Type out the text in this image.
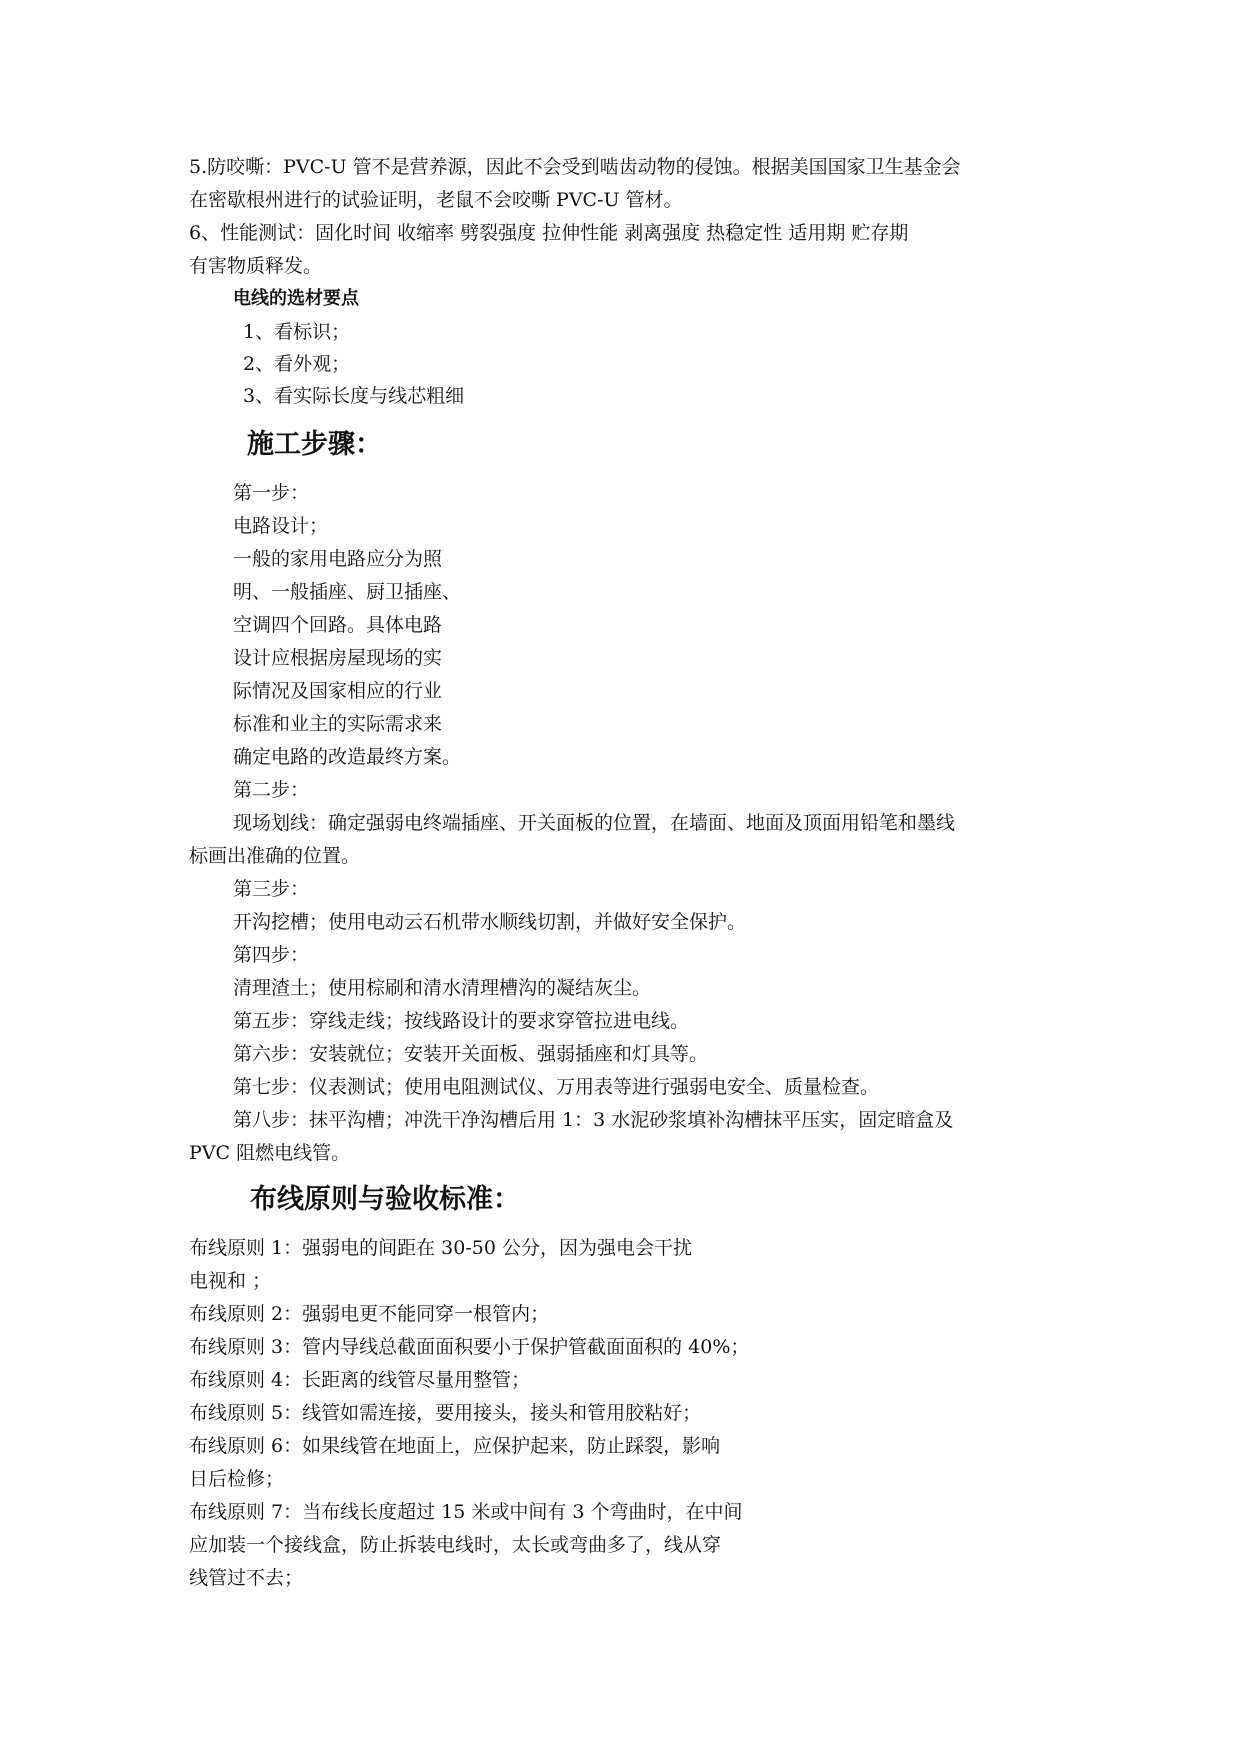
5.防咬嘶：PVC-U 管不是营养源，因此不会受到啮齿动物的侵蚀。根据美国国家卫生基金会
在密歇根州进行的试验证明，老鼠不会咬嘶 PVC-U 管材。
6、性能测试：固化时间 收缩率 劈裂强度 拉伸性能 剥离强度 热稳定性 适用期 贮存期
有害物质释发。
电线的选材要点
1、看标识；
2、看外观；
3、看实际长度与线芯粗细
施工步骤：
第一步：
电路设计；
一般的家用电路应分为照
明、一般插座、厨卫插座、
空调四个回路。具体电路
设计应根据房屋现场的实
际情况及国家相应的行业
标准和业主的实际需求来
确定电路的改造最终方案。
第二步：
现场划线：确定强弱电终端插座、开关面板的位置，在墙面、地面及顶面用铅笔和墨线
标画出准确的位置。
第三步：
开沟挖槽；使用电动云石机带水顺线切割，并做好安全保护。
第四步：
清理渣土；使用棕刷和清水清理槽沟的凝结灰尘。
第五步：穿线走线；按线路设计的要求穿管拉进电线。
第六步：安装就位；安装开关面板、强弱插座和灯具等。
第七步：仪表测试；使用电阻测试仪、万用表等进行强弱电安全、质量检查。
第八步：抹平沟槽；冲洗干净沟槽后用 1：3 水泥砂浆填补沟槽抹平压实，固定暗盒及
PVC 阻燃电线管。
布线原则与验收标准：
布线原则 1：强弱电的间距在 30-50 公分，因为强电会干扰
电视和 ；
布线原则 2：强弱电更不能同穿一根管内；
布线原则 3：管内导线总截面面积要小于保护管截面面积的 40%；
布线原则 4：长距离的线管尽量用整管；
布线原则 5：线管如需连接，要用接头，接头和管用胶粘好；
布线原则 6：如果线管在地面上，应保护起来，防止踩裂，影响
日后检修；
布线原则 7：当布线长度超过 15 米或中间有 3 个弯曲时，在中间
应加装一个接线盒，防止拆装电线时，太长或弯曲多了，线从穿
线管过不去；
